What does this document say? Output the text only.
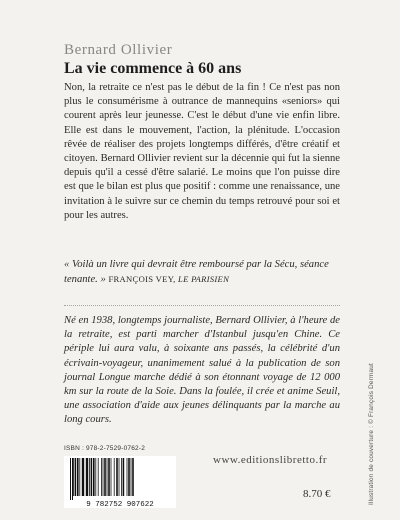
Bernard Ollivier
La vie commence à 60 ans

Non, la retraite ce n'est pas le début de la fin ! Ce n'est pas non plus le consumérisme à outrance de mannequins «seniors» qui courent après leur jeunesse. C'est le début d'une vie enfin libre. Elle est dans le mouvement, l'action, la plénitude. L'occasion rêvée de réaliser des projets longtemps différés, d'être créatif et citoyen. Bernard Ollivier revient sur la décennie qui fut la sienne depuis qu'il a cessé d'être salarié. Le moins que l'on puisse dire est que le bilan est plus que positif : comme une renaissance, une invitation à le suivre sur ce chemin du temps retrouvé pour soi et pour les autres.

« Voilà un livre qui devrait être remboursé par la Sécu, séance tenante. » FRANÇOIS VEY, LE PARISIEN

Né en 1938, longtemps journaliste, Bernard Ollivier, à l'heure de la retraite, est parti marcher d'Istanbul jusqu'en Chine. Ce périple lui aura valu, à soixante ans passés, la célébrité d'un écrivain-voyageur, unanimement salué à la publication de son journal Longue marche dédié à son étonnant voyage de 12 000 km sur la route de la Soie. Dans la foulée, il crée et anime Seuil, une association d'aide aux jeunes délinquants par la marche au long cours.

ISBN : 978-2-7529-0762-2
www.editionslibretto.fr
9 782752 907622
8.70 €	Illustration de couverture : © François Dermaut
